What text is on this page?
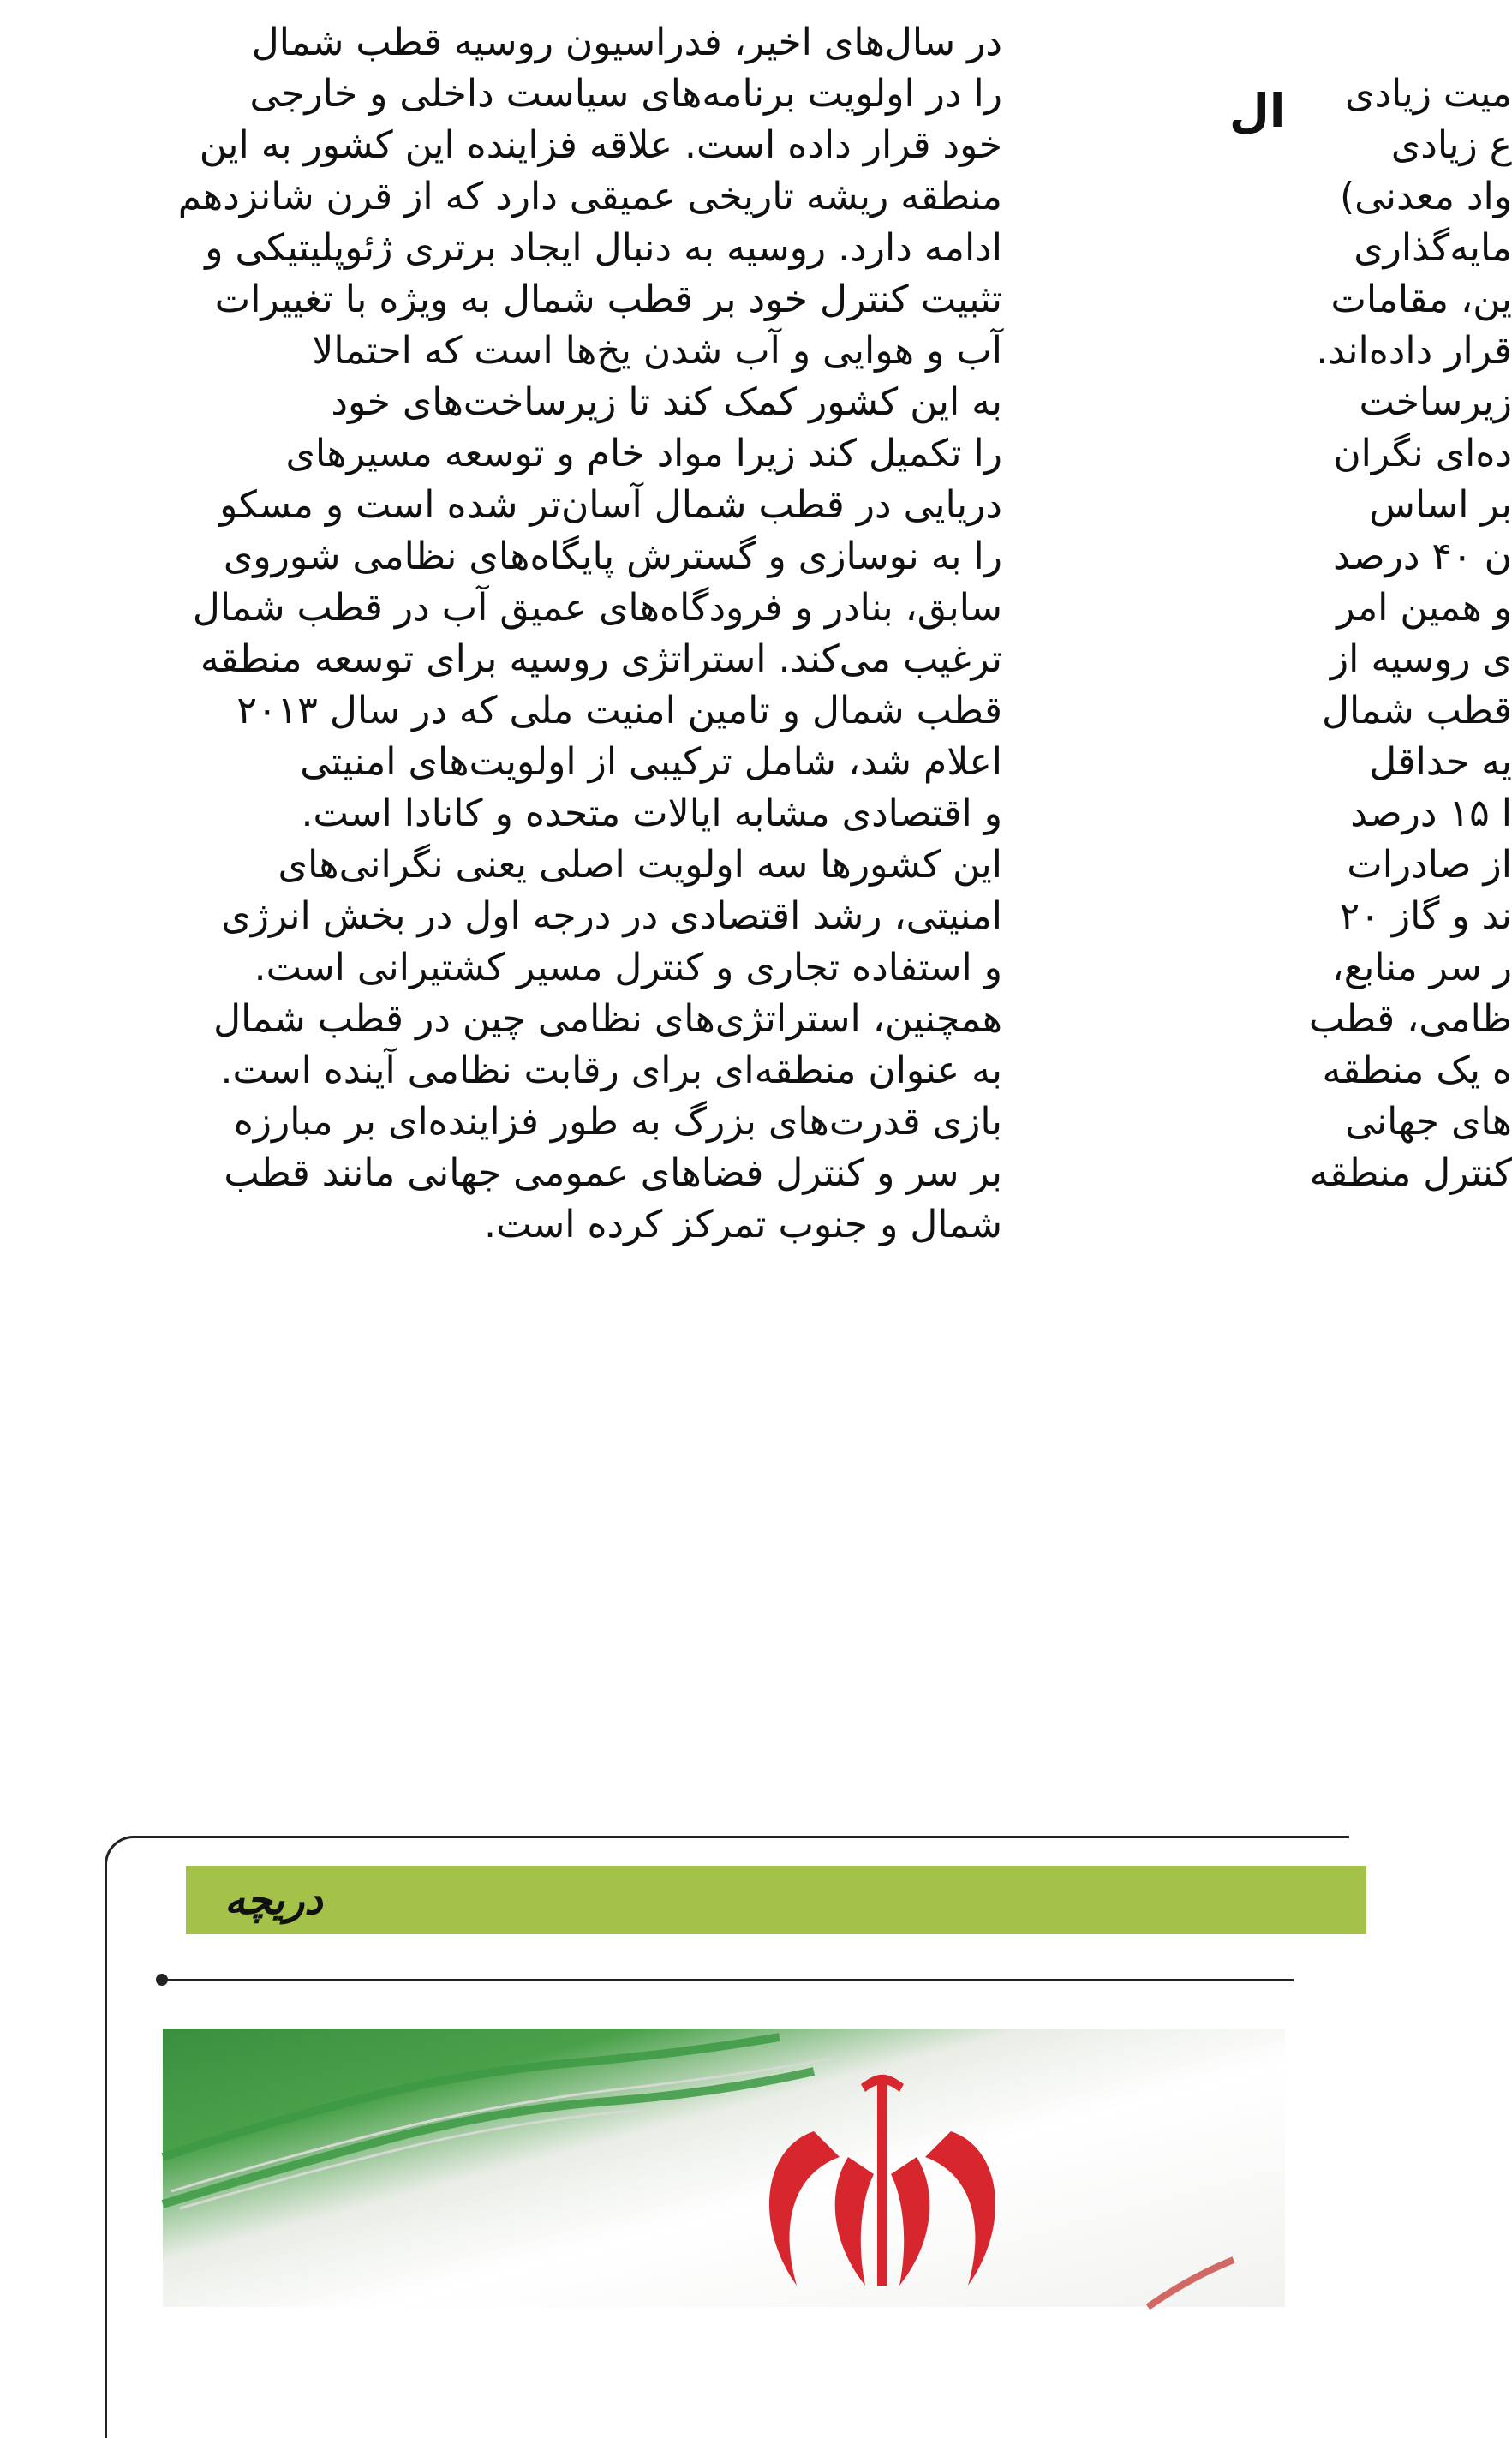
در سال‌های اخیر، فدراسیون روسیه قطب شمال
را در اولویت برنامه‌های سیاست داخلی و خارجی
خود قرار داده است. علاقه فزاینده این کشور به این
منطقه ریشه تاریخی عمیقی دارد که از قرن شانزدهم
ادامه دارد. روسیه به دنبال ایجاد برتری ژئوپلیتیکی و
تثبیت کنترل خود بر قطب شمال به ویژه با تغییرات
آب و هوایی و آب شدن یخ‌ها است که احتمالا
به این کشور کمک کند تا زیرساخت‌های خود
را تکمیل کند زیرا مواد خام و توسعه مسیرهای
دریایی در قطب شمال آسان‌تر شده است و مسکو
را به نوسازی و گسترش پایگاه‌های نظامی شوروی
سابق، بنادر و فرودگاه‌های عمیق آب در قطب شمال
ترغیب می‌کند. استراتژی روسیه برای توسعه منطقه
قطب شمال و تامین امنیت ملی که در سال ۲۰۱۳
اعلام شد، شامل ترکیبی از اولویت‌های امنیتی
و اقتصادی مشابه ایالات متحده و کانادا است.
این کشورها سه اولویت اصلی یعنی نگرانی‌های
امنیتی، رشد اقتصادی در درجه اول در بخش انرژی
و استفاده تجاری و کنترل مسیر کشتیرانی است.
همچنین، استراتژی‌های نظامی چین در قطب شمال
به عنوان منطقه‌ای برای رقابت نظامی آینده است.
بازی قدرت‌های بزرگ به طور فزاینده‌ای بر مبارزه
بر سر و کنترل فضاهای عمومی جهانی مانند قطب
شمال و جنوب تمرکز کرده است.
ال	میت زیادی
ع زیادی
واد معدنی)
مایه‌گذاری
ین، مقامات
قرار داده‌اند.
زیرساخت
ده‌ای نگران
بر اساس
ن ۴۰ درصد
و همین امر
ی روسیه از
قطب شمال
یه حداقل
ا ۱۵ درصد
از صادرات
ند و گاز ۲۰
ر سر منابع،
ظامی، قطب
ه یک منطقه
های جهانی
کنترل منطقه
دریچه
